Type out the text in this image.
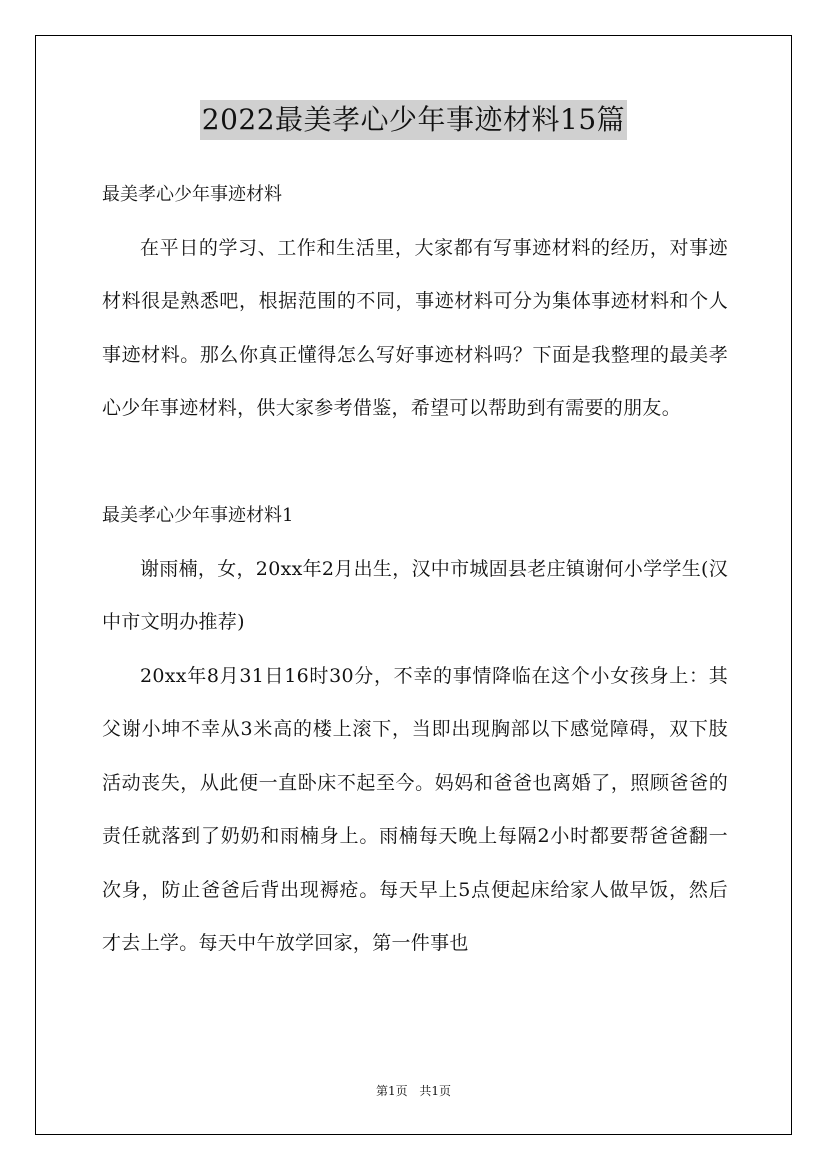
2022最美孝心少年事迹材料15篇

最美孝心少年事迹材料

在平日的学习、工作和生活里，大家都有写事迹材料的经历，对事迹材料很是熟悉吧，根据范围的不同，事迹材料可分为集体事迹材料和个人事迹材料。那么你真正懂得怎么写好事迹材料吗？下面是我整理的最美孝心少年事迹材料，供大家参考借鉴，希望可以帮助到有需要的朋友。

最美孝心少年事迹材料1

谢雨楠，女，20xx年2月出生，汉中市城固县老庄镇谢何小学学生(汉中市文明办推荐)

20xx年8月31日16时30分，不幸的事情降临在这个小女孩身上：其父谢小坤不幸从3米高的楼上滚下，当即出现胸部以下感觉障碍，双下肢活动丧失，从此便一直卧床不起至今。妈妈和爸爸也离婚了，照顾爸爸的责任就落到了奶奶和雨楠身上。雨楠每天晚上每隔2小时都要帮爸爸翻一次身，防止爸爸后背出现褥疮。每天早上5点便起床给家人做早饭，然后才去上学。每天中午放学回家，第一件事也

第1页 共1页
